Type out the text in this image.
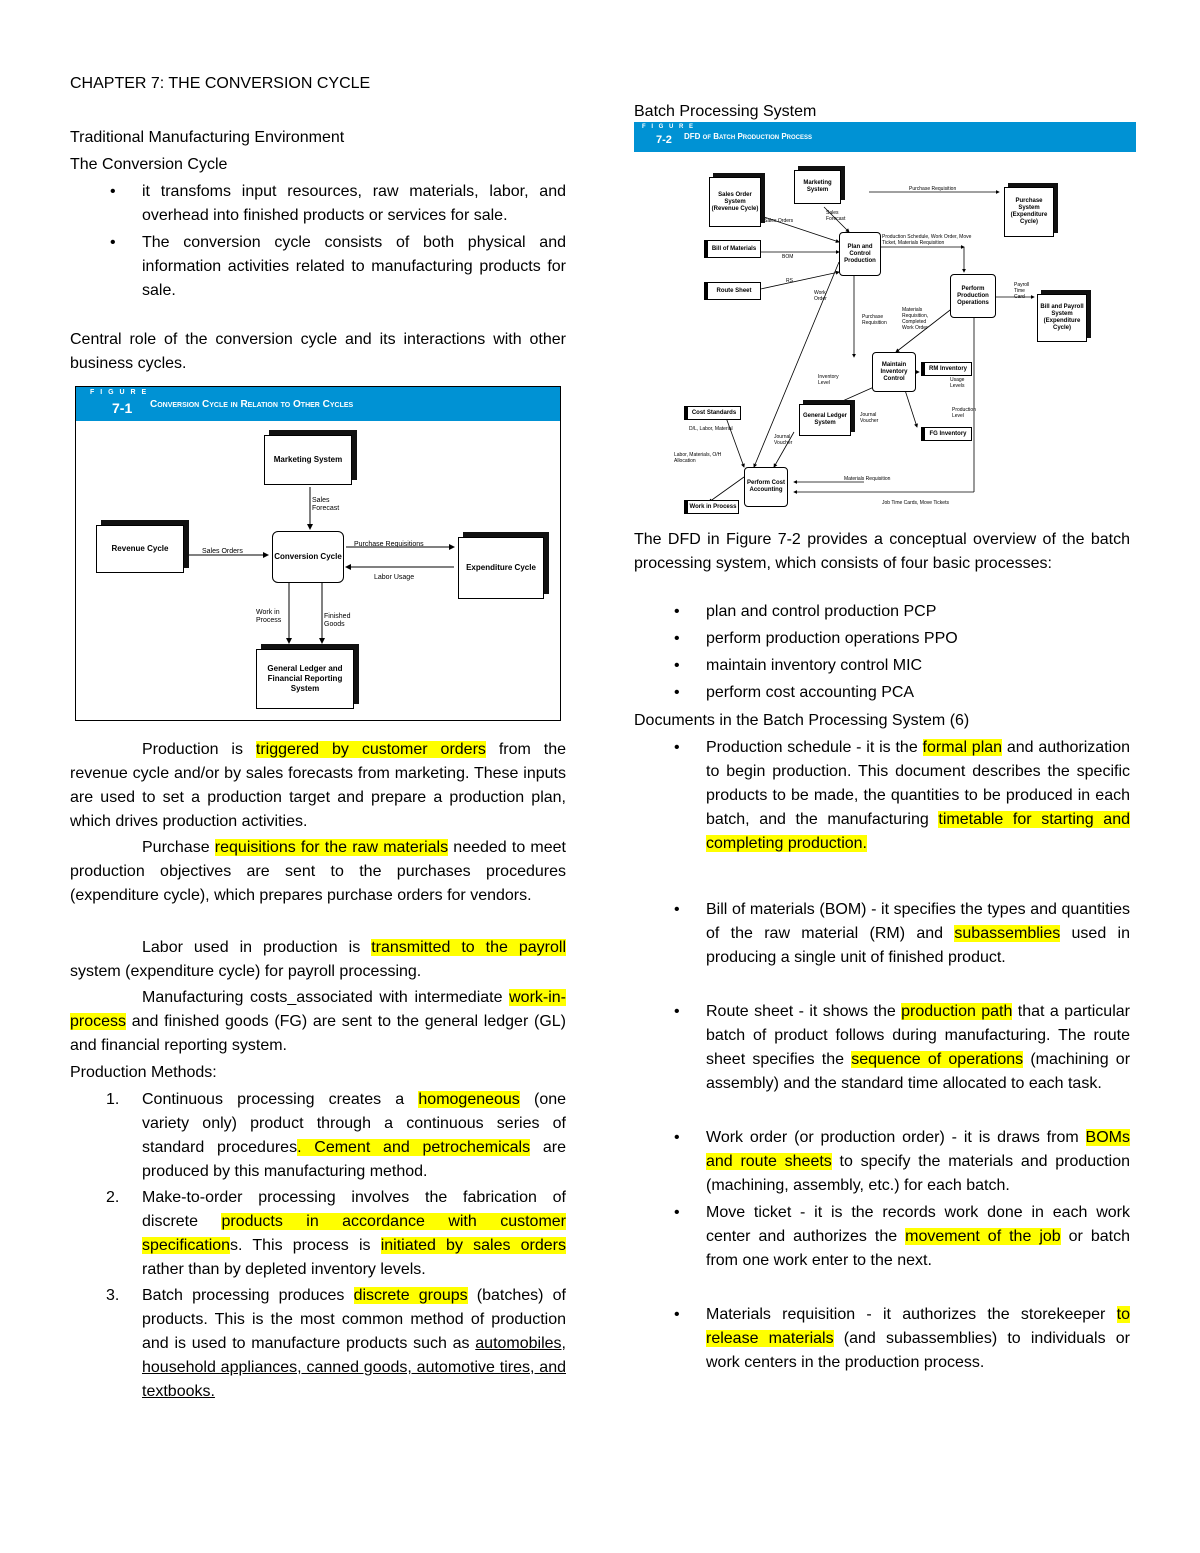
CHAPTER 7: THE CONVERSION CYCLE

Traditional Manufacturing Environment

The Conversion Cycle

• it transfoms input resources, raw materials, labor, and overhead into finished products or services for sale.
• The conversion cycle consists of both physical and information activities related to manufacturing products for sale.

Central role of the conversion cycle and its interactions with other business cycles.

F I G U R E
7-1 Conversion Cycle in Relation to Other Cycles
Marketing System
Revenue Cycle
Conversion Cycle
Expenditure Cycle
General Ledger and Financial Reporting System
Sales Forecast
Sales Orders
Purchase Requisitions
Labor Usage
Work in Process
Finished Goods

Production is triggered by customer orders from the revenue cycle and/or by sales forecasts from marketing. These inputs are used to set a production target and prepare a production plan, which drives production activities.

Purchase requisitions for the raw materials needed to meet production objectives are sent to the purchases procedures (expenditure cycle), which prepares purchase orders for vendors.

Labor used in production is transmitted to the payroll system (expenditure cycle) for payroll processing.

Manufacturing costs_associated with intermediate work-in-process and finished goods (FG) are sent to the general ledger (GL) and financial reporting system.

Production Methods:

1. Continuous processing creates a homogeneous (one variety only) product through a continuous series of standard procedures. Cement and petrochemicals are produced by this manufacturing method.
2. Make-to-order processing involves the fabrication of discrete products in accordance with customer specifications. This process is initiated by sales orders rather than by depleted inventory levels.
3. Batch processing produces discrete groups (batches) of products. This is the most common method of production and is used to manufacture products such as automobiles, household appliances, canned goods, automotive tires, and textbooks.

Batch Processing System

F I G U R E
7-2 DFD of Batch Production Process
Sales Order System (Revenue Cycle)
Marketing System
Purchase System (Expenditure Cycle)
Bill of Materials
Route Sheet
Plan and Control Production
Perform Production Operations
Bill and Payroll System (Expenditure Cycle)
Maintain Inventory Control
RM Inventory
FG Inventory
Cost Standards	General Ledger System
Perform Cost Accounting
Work in Process
Purchase Requisition
Sales Orders
Sales Forecast
BOM
RS
Work Order
Production Schedule, Work Order, Move Ticket, Materials Requisition
Payroll Time Card
Purchase Requisition
Materials Requisition, Completed Work Order
Inventory Level	Usage Levels
Production Level
D/L, Labor, Material
Journal Voucher
Journal Voucher
Labor, Materials, O/H Allocation
Materials Requisition
Job Time Cards, Move Tickets

The DFD in Figure 7-2 provides a conceptual overview of the batch processing system, which consists of four basic processes:

• plan and control production PCP
• perform production operations PPO
• maintain inventory control MIC
• perform cost accounting PCA

Documents in the Batch Processing System (6)

• Production schedule - it is the formal plan and authorization to begin production. This document describes the specific products to be made, the quantities to be produced in each batch, and the manufacturing timetable for starting and completing production.
• Bill of materials (BOM) - it specifies the types and quantities of the raw material (RM) and subassemblies used in producing a single unit of finished product.
• Route sheet - it shows the production path that a particular batch of product follows during manufacturing. The route sheet specifies the sequence of operations (machining or assembly) and the standard time allocated to each task.
• Work order (or production order) - it is draws from BOMs and route sheets to specify the materials and production (machining, assembly, etc.) for each batch.
• Move ticket - it is the records work done in each work center and authorizes the movement of the job or batch from one work enter to the next.
• Materials requisition - it authorizes the storekeeper to release materials (and subassemblies) to individuals or work centers in the production process.
